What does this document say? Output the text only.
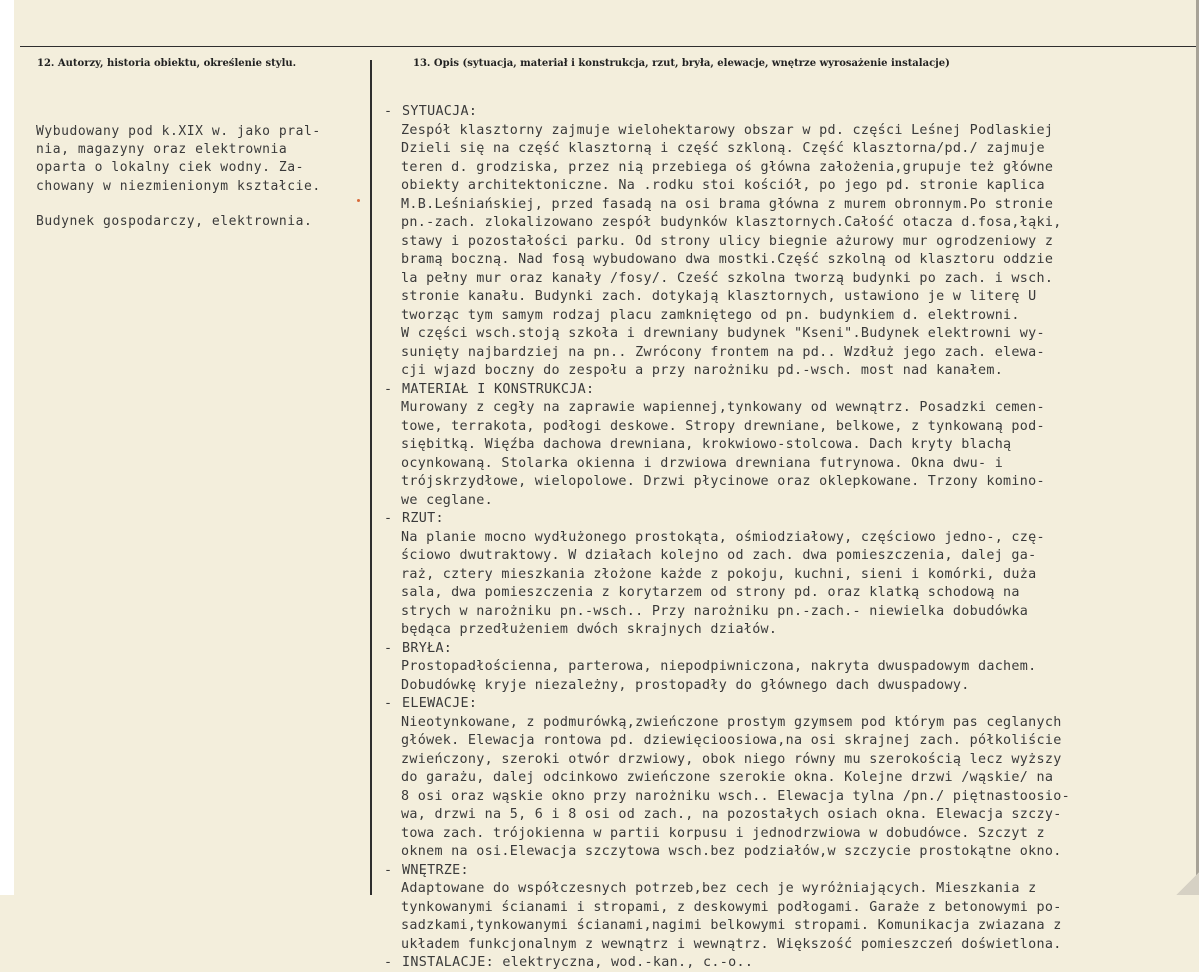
12. Autorzy, historia obiektu, określenie stylu.	13. Opis (sytuacja, materiał i konstrukcja, rzut, bryła, elewacje, wnętrze wyrosażenie instalacje)
Wybudowany pod k.XIX w. jako pral-
nia, magazyny oraz elektrownia
oparta o lokalny ciek wodny. Za-
chowany w niezmienionym kształcie.
Budynek gospodarczy, elektrownia.
- SYTUACJA:
Zespół klasztorny zajmuje wielohektarowy obszar w pd. części Leśnej Podlaskiej
Dzieli się na część klasztorną i część szkloną. Część klasztorna/pd./ zajmuje
teren d. grodziska, przez nią przebiega oś główna założenia,grupuje też główne
obiekty architektoniczne. Na .rodku stoi kościół, po jego pd. stronie kaplica
M.B.Leśniańskiej, przed fasadą na osi brama główna z murem obronnym.Po stronie
pn.-zach. zlokalizowano zespół budynków klasztornych.Całość otacza d.fosa,łąki,
stawy i pozostałości parku. Od strony ulicy biegnie ażurowy mur ogrodzeniowy z
bramą boczną. Nad fosą wybudowano dwa mostki.Część szkolną od klasztoru oddzie
la pełny mur oraz kanały /fosy/. Cześć szkolna tworzą budynki po zach. i wsch.
stronie kanału. Budynki zach. dotykają klasztornych, ustawiono je w literę U
tworząc tym samym rodzaj placu zamkniętego od pn. budynkiem d. elektrowni.
W części wsch.stoją szkoła i drewniany budynek "Kseni".Budynek elektrowni wy-
sunięty najbardziej na pn.. Zwrócony frontem na pd.. Wzdłuż jego zach. elewa-
cji wjazd boczny do zespołu a przy narożniku pd.-wsch. most nad kanałem.
- MATERIAŁ I KONSTRUKCJA:
Murowany z cegły na zaprawie wapiennej,tynkowany od wewnątrz. Posadzki cemen-
towe, terrakota, podłogi deskowe. Stropy drewniane, belkowe, z tynkowaną pod-
siębitką. Więźba dachowa drewniana, krokwiowo-stolcowa. Dach kryty blachą
ocynkowaną. Stolarka okienna i drzwiowa drewniana futrynowa. Okna dwu- i
trójskrzydłowe, wielopolowe. Drzwi płycinowe oraz oklepkowane. Trzony komino-
we ceglane.
- RZUT:
Na planie mocno wydłużonego prostokąta, ośmiodziałowy, częściowo jedno-, czę-
ściowo dwutraktowy. W działach kolejno od zach. dwa pomieszczenia, dalej ga-
raż, cztery mieszkania złożone każde z pokoju, kuchni, sieni i komórki, duża
sala, dwa pomieszczenia z korytarzem od strony pd. oraz klatką schodową na
strych w narożniku pn.-wsch.. Przy narożniku pn.-zach.- niewielka dobudówka
będąca przedłużeniem dwóch skrajnych działów.
- BRYŁA:
Prostopadłościenna, parterowa, niepodpiwniczona, nakryta dwuspadowym dachem.
Dobudówkę kryje niezależny, prostopadły do głównego dach dwuspadowy.
- ELEWACJE:
Nieotynkowane, z podmurówką,zwieńczone prostym gzymsem pod którym pas ceglanych
główek. Elewacja rontowa pd. dziewięcioosiowa,na osi skrajnej zach. półkoliście
zwieńczony, szeroki otwór drzwiowy, obok niego równy mu szerokością lecz wyższy
do garażu, dalej odcinkowo zwieńczone szerokie okna. Kolejne drzwi /wąskie/ na
8 osi oraz wąskie okno przy narożniku wsch.. Elewacja tylna /pn./ piętnastoosio-
wa, drzwi na 5, 6 i 8 osi od zach., na pozostałych osiach okna. Elewacja szczy-
towa zach. trójokienna w partii korpusu i jednodrzwiowa w dobudówce. Szczyt z
oknem na osi.Elewacja szczytowa wsch.bez podziałów,w szczycie prostokątne okno.
- WNĘTRZE:
Adaptowane do współczesnych potrzeb,bez cech je wyróżniających. Mieszkania z
tynkowanymi ścianami i stropami, z deskowymi podłogami. Garaże z betonowymi po-
sadzkami,tynkowanymi ścianami,nagimi belkowymi stropami. Komunikacja zwiazana z
układem funkcjonalnym z wewnątrz i wewnątrz. Większość pomieszczeń doświetlona.
- INSTALACJE: elektryczna, wod.-kan., c.-o..
